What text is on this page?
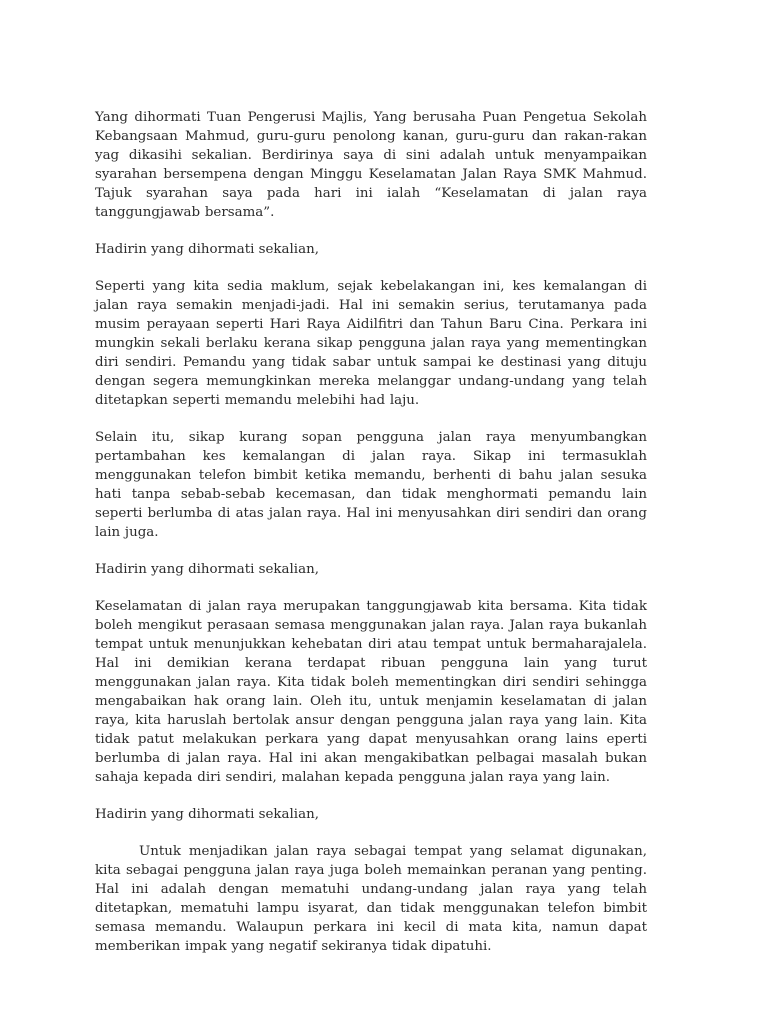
Yang dihormati Tuan Pengerusi Majlis, Yang berusaha Puan Pengetua Sekolah Kebangsaan Mahmud, guru-guru penolong kanan, guru-guru dan rakan-rakan yag dikasihi sekalian. Berdirinya saya di sini adalah untuk menyampaikan syarahan bersempena dengan Minggu Keselamatan Jalan Raya SMK Mahmud. Tajuk syarahan saya pada hari ini ialah “Keselamatan di jalan raya tanggungjawab bersama”.

Hadirin yang dihormati sekalian,

Seperti yang kita sedia maklum, sejak kebelakangan ini, kes kemalangan di jalan raya semakin menjadi-jadi. Hal ini semakin serius, terutamanya pada musim perayaan seperti Hari Raya Aidilfitri dan Tahun Baru Cina. Perkara ini mungkin sekali berlaku kerana sikap pengguna jalan raya yang mementingkan diri sendiri. Pemandu yang tidak sabar untuk sampai ke destinasi yang dituju dengan segera memungkinkan mereka melanggar undang-undang yang telah ditetapkan seperti memandu melebihi had laju.

Selain itu, sikap kurang sopan pengguna jalan raya menyumbangkan pertambahan kes kemalangan di jalan raya. Sikap ini termasuklah menggunakan telefon bimbit ketika memandu, berhenti di bahu jalan sesuka hati tanpa sebab-sebab kecemasan, dan tidak menghormati pemandu lain seperti berlumba di atas jalan raya. Hal ini menyusahkan diri sendiri dan orang lain juga.

Hadirin yang dihormati sekalian,

Keselamatan di jalan raya merupakan tanggungjawab kita bersama. Kita tidak boleh mengikut perasaan semasa menggunakan jalan raya. Jalan raya bukanlah tempat untuk menunjukkan kehebatan diri atau tempat untuk bermaharajalela. Hal ini demikian kerana terdapat ribuan pengguna lain yang turut menggunakan jalan raya. Kita tidak boleh mementingkan diri sendiri sehingga mengabaikan hak orang lain. Oleh itu, untuk menjamin keselamatan di jalan raya, kita haruslah bertolak ansur dengan pengguna jalan raya yang lain. Kita tidak patut melakukan perkara yang dapat menyusahkan orang lains eperti berlumba di jalan raya. Hal ini akan mengakibatkan pelbagai masalah bukan sahaja kepada diri sendiri, malahan kepada pengguna jalan raya yang lain.

Hadirin yang dihormati sekalian,

Untuk menjadikan jalan raya sebagai tempat yang selamat digunakan, kita sebagai pengguna jalan raya juga boleh memainkan peranan yang penting. Hal ini adalah dengan mematuhi undang-undang jalan raya yang telah ditetapkan, mematuhi lampu isyarat, dan tidak menggunakan telefon bimbit semasa memandu. Walaupun perkara ini kecil di mata kita, namun dapat memberikan impak yang negatif sekiranya tidak dipatuhi.
